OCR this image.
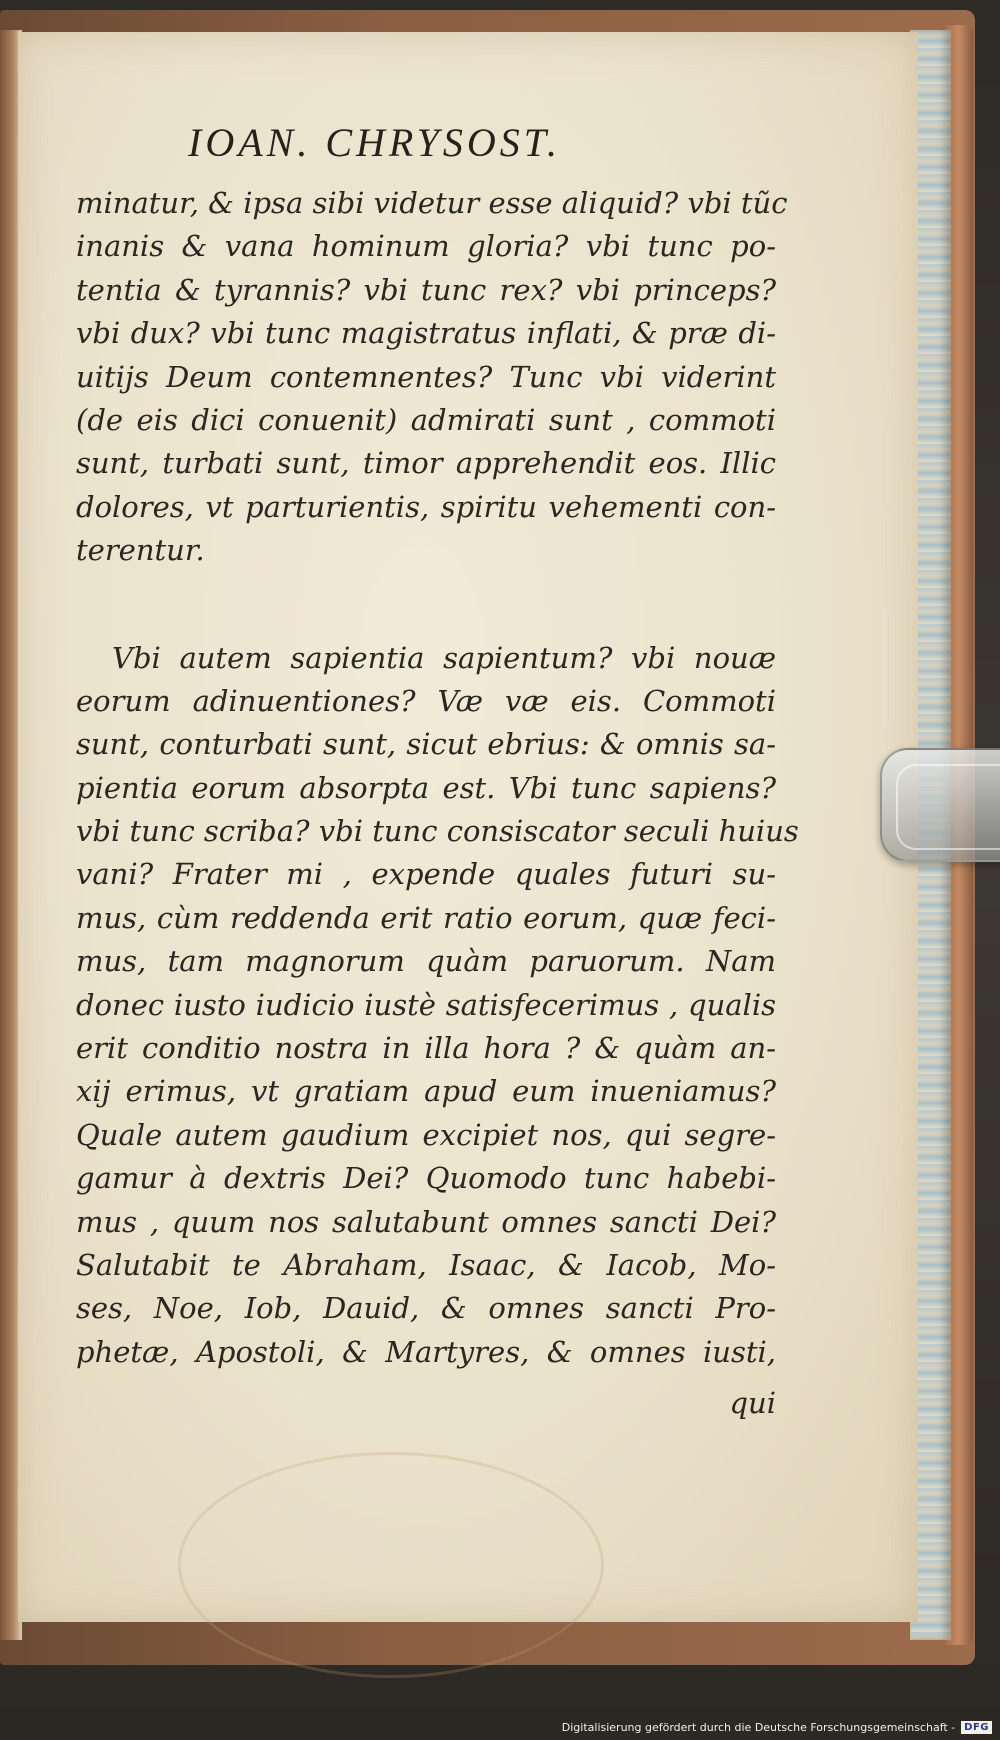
IOAN. CHRYSOST.
minatur, & ipsa sibi videtur esse aliquid? vbi tũc
inanis & vana hominum gloria? vbi tunc po-
tentia & tyrannis? vbi tunc rex? vbi princeps?
vbi dux? vbi tunc magistratus inflati, & præ di-
uitijs Deum contemnentes? Tunc vbi viderint
(de eis dici conuenit) admirati sunt , commoti
sunt, turbati sunt, timor apprehendit eos. Illic
dolores, vt parturientis, spiritu vehementi con-
terentur.
Vbi autem sapientia sapientum? vbi nouæ
eorum adinuentiones? Væ væ eis. Commoti
sunt, conturbati sunt, sicut ebrius: & omnis sa-
pientia eorum absorpta est. Vbi tunc sapiens?
vbi tunc scriba? vbi tunc consiscator seculi huius
vani? Frater mi , expende quales futuri su-
mus, cùm reddenda erit ratio eorum, quæ feci-
mus, tam magnorum quàm paruorum. Nam
donec iusto iudicio iustè satisfecerimus , qualis
erit conditio nostra in illa hora ? & quàm an-
xij erimus, vt gratiam apud eum inueniamus?
Quale autem gaudium excipiet nos, qui segre-
gamur à dextris Dei? Quomodo tunc habebi-
mus , quum nos salutabunt omnes sancti Dei?
Salutabit te Abraham, Isaac, & Iacob, Mo-
ses, Noe, Iob, Dauid, & omnes sancti Pro-
phetæ, Apostoli, & Martyres, & omnes iusti,
qui
Digitalisierung gefördert durch die Deutsche Forschungsgemeinschaft - DFG
